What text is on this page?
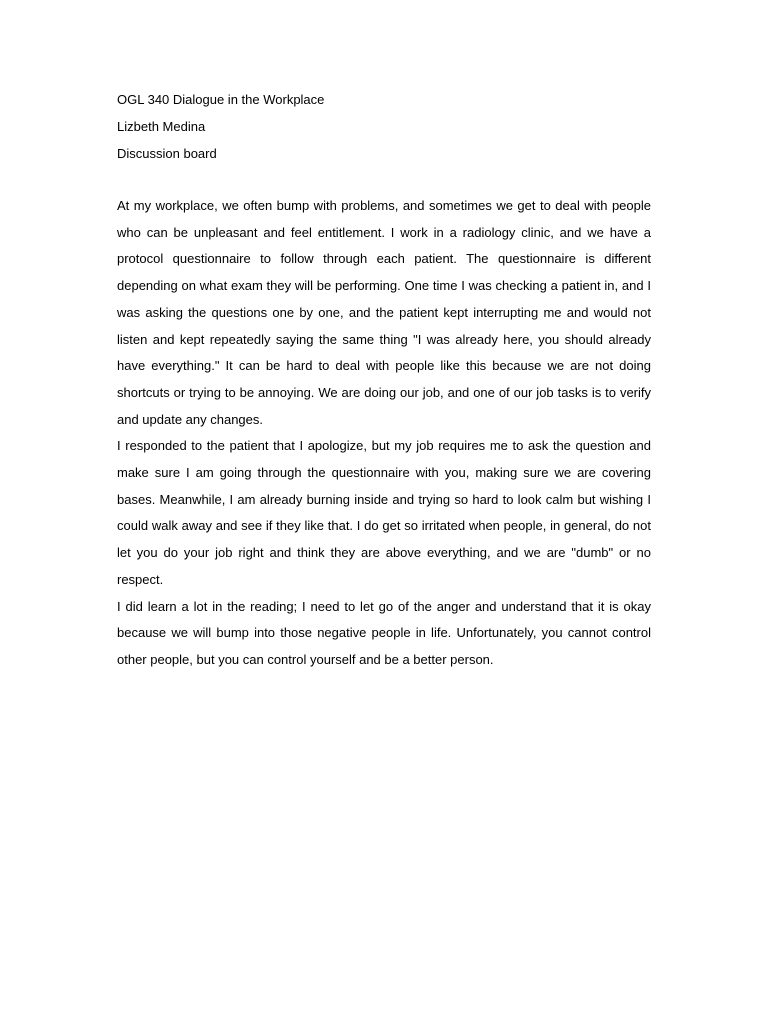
OGL 340 Dialogue in the Workplace

Lizbeth Medina

Discussion board

At my workplace, we often bump with problems, and sometimes we get to deal with people who can be unpleasant and feel entitlement. I work in a radiology clinic, and we have a protocol questionnaire to follow through each patient. The questionnaire is different depending on what exam they will be performing. One time I was checking a patient in, and I was asking the questions one by one, and the patient kept interrupting me and would not listen and kept repeatedly saying the same thing "I was already here, you should already have everything." It can be hard to deal with people like this because we are not doing shortcuts or trying to be annoying. We are doing our job, and one of our job tasks is to verify and update any changes.

I responded to the patient that I apologize, but my job requires me to ask the question and make sure I am going through the questionnaire with you, making sure we are covering bases. Meanwhile, I am already burning inside and trying so hard to look calm but wishing I could walk away and see if they like that. I do get so irritated when people, in general, do not let you do your job right and think they are above everything, and we are "dumb" or no respect.

I did learn a lot in the reading; I need to let go of the anger and understand that it is okay because we will bump into those negative people in life. Unfortunately, you cannot control other people, but you can control yourself and be a better person.
